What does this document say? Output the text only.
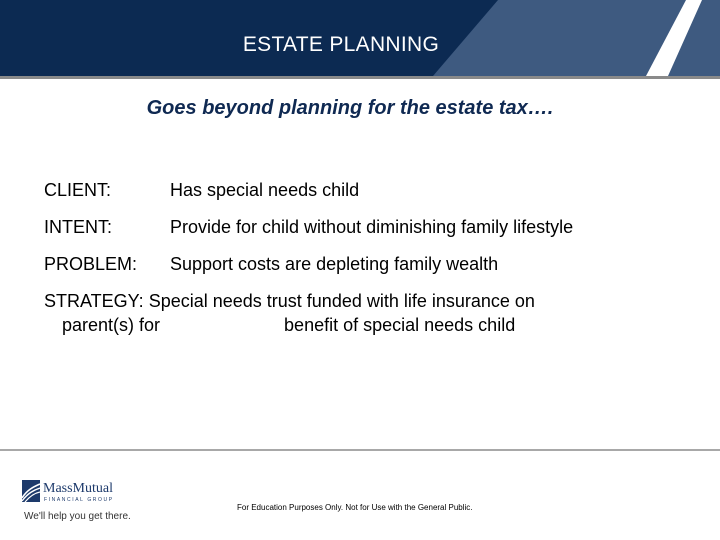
ESTATE PLANNING
Goes beyond planning for the estate tax….
CLIENT:	Has special needs child
INTENT:	Provide for child without diminishing family lifestyle
PROBLEM: Support costs are depleting family wealth
STRATEGY: Special needs trust funded with life insurance on
parent(s) for	benefit of special needs child
MassMutual
FINANCIAL GROUP
We'll help you get there.
For Education Purposes Only. Not for Use with the General Public.
